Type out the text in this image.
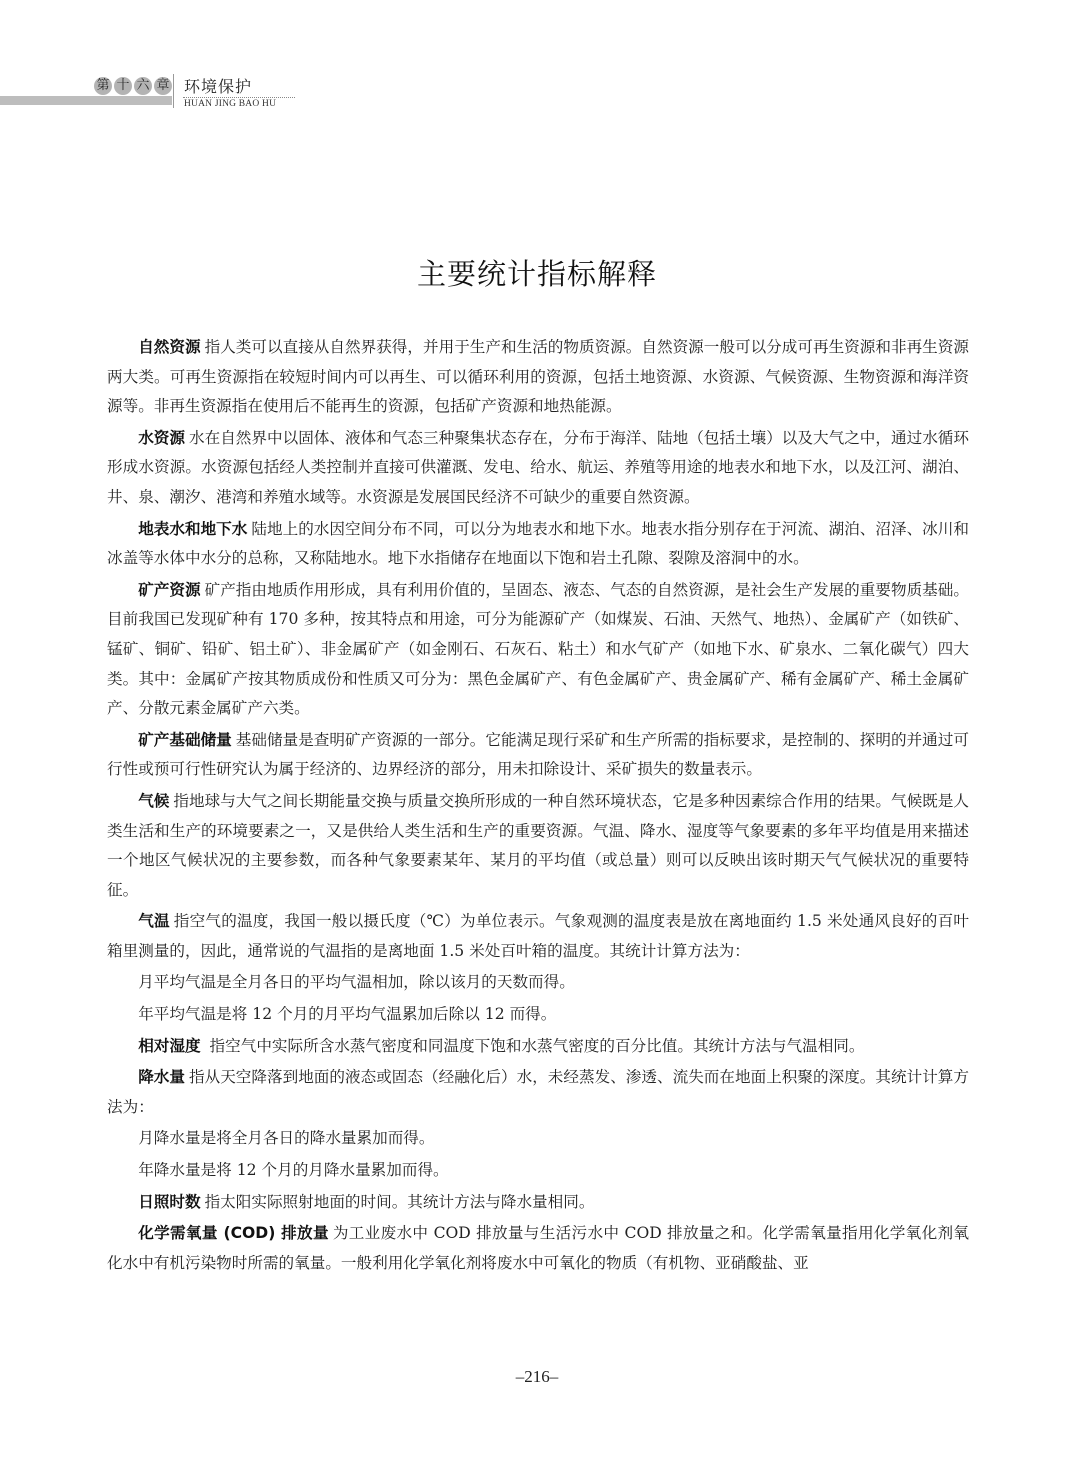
第 十 六 章 环境保护
HUAN JING BAO HU
主要统计指标解释

自然资源 指人类可以直接从自然界获得，并用于生产和生活的物质资源。自然资源一般可以分成可再生资源和非再生资源两大类。可再生资源指在较短时间内可以再生、可以循环利用的资源，包括土地资源、水资源、气候资源、生物资源和海洋资源等。非再生资源指在使用后不能再生的资源，包括矿产资源和地热能源。

水资源 水在自然界中以固体、液体和气态三种聚集状态存在，分布于海洋、陆地（包括土壤）以及大气之中，通过水循环形成水资源。水资源包括经人类控制并直接可供灌溉、发电、给水、航运、养殖等用途的地表水和地下水，以及江河、湖泊、井、泉、潮汐、港湾和养殖水域等。水资源是发展国民经济不可缺少的重要自然资源。

地表水和地下水 陆地上的水因空间分布不同，可以分为地表水和地下水。地表水指分别存在于河流、湖泊、沼泽、冰川和冰盖等水体中水分的总称，又称陆地水。地下水指储存在地面以下饱和岩土孔隙、裂隙及溶洞中的水。

矿产资源 矿产指由地质作用形成，具有利用价值的，呈固态、液态、气态的自然资源，是社会生产发展的重要物质基础。目前我国已发现矿种有 170 多种，按其特点和用途，可分为能源矿产（如煤炭、石油、天然气、地热）、金属矿产（如铁矿、锰矿、铜矿、铅矿、铝土矿）、非金属矿产（如金刚石、石灰石、粘土）和水气矿产（如地下水、矿泉水、二氧化碳气）四大类。其中：金属矿产按其物质成份和性质又可分为：黑色金属矿产、有色金属矿产、贵金属矿产、稀有金属矿产、稀土金属矿产、分散元素金属矿产六类。

矿产基础储量 基础储量是查明矿产资源的一部分。它能满足现行采矿和生产所需的指标要求，是控制的、探明的并通过可行性或预可行性研究认为属于经济的、边界经济的部分，用未扣除设计、采矿损失的数量表示。

气候 指地球与大气之间长期能量交换与质量交换所形成的一种自然环境状态，它是多种因素综合作用的结果。气候既是人类生活和生产的环境要素之一，又是供给人类生活和生产的重要资源。气温、降水、湿度等气象要素的多年平均值是用来描述一个地区气候状况的主要参数，而各种气象要素某年、某月的平均值（或总量）则可以反映出该时期天气气候状况的重要特征。

气温 指空气的温度，我国一般以摄氏度（℃）为单位表示。气象观测的温度表是放在离地面约 1.5 米处通风良好的百叶箱里测量的，因此，通常说的气温指的是离地面 1.5 米处百叶箱的温度。其统计计算方法为：

月平均气温是全月各日的平均气温相加，除以该月的天数而得。

年平均气温是将 12 个月的月平均气温累加后除以 12 而得。

相对湿度 指空气中实际所含水蒸气密度和同温度下饱和水蒸气密度的百分比值。其统计方法与气温相同。

降水量 指从天空降落到地面的液态或固态（经融化后）水，未经蒸发、渗透、流失而在地面上积聚的深度。其统计计算方法为：

月降水量是将全月各日的降水量累加而得。

年降水量是将 12 个月的月降水量累加而得。

日照时数 指太阳实际照射地面的时间。其统计方法与降水量相同。

化学需氧量 (COD) 排放量 为工业废水中 COD 排放量与生活污水中 COD 排放量之和。化学需氧量指用化学氧化剂氧化水中有机污染物时所需的氧量。一般利用化学氧化剂将废水中可氧化的物质（有机物、亚硝酸盐、亚

–216–
